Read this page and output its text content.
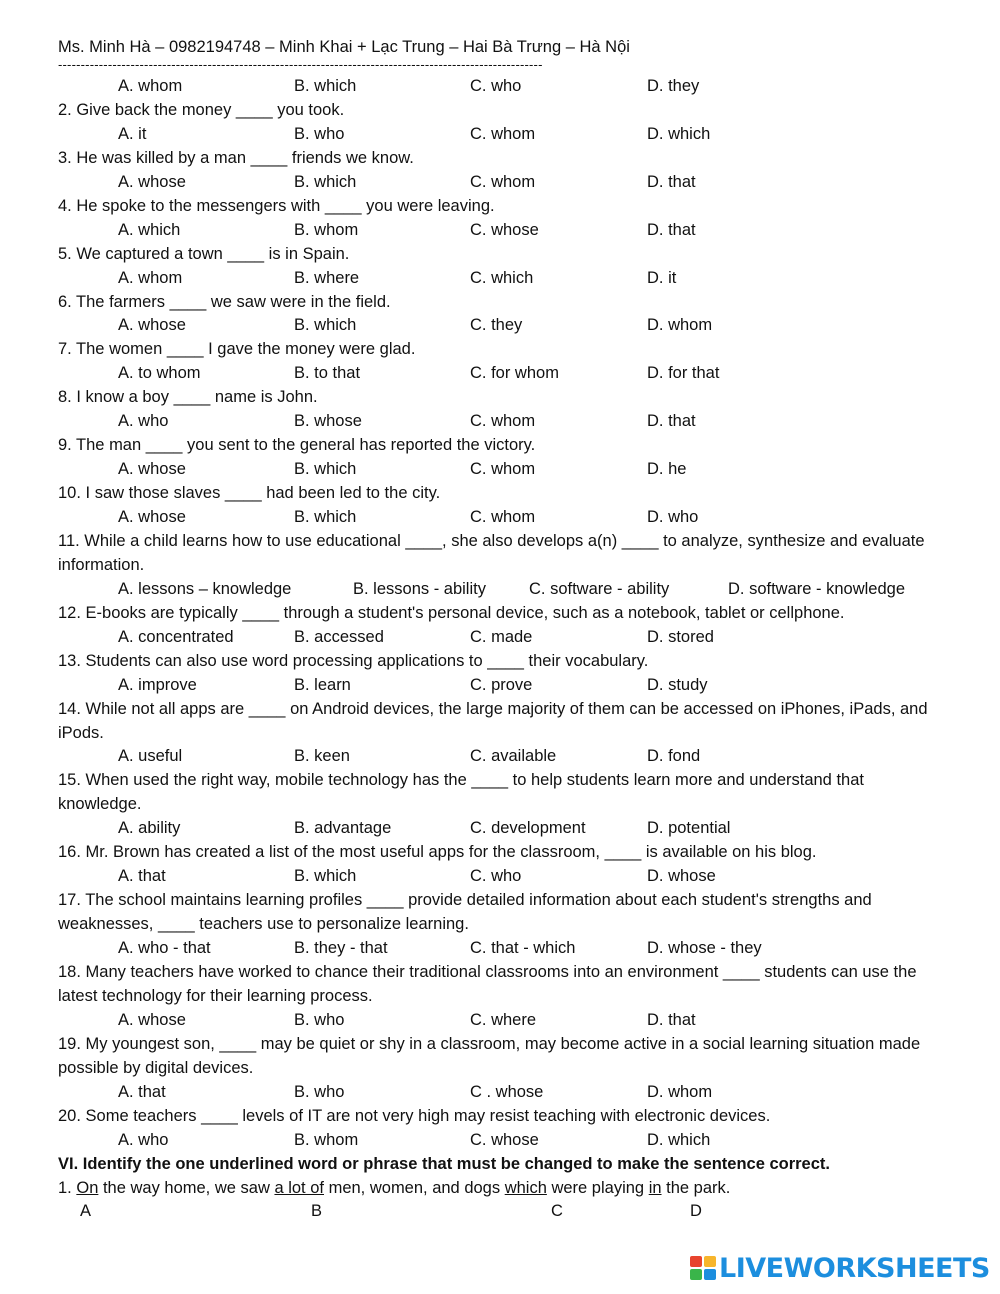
Ms. Minh Hà – 0982194748 – Minh Khai + Lạc Trung – Hai Bà Trưng – Hà Nội
-----------------------------------------------------------------------------------------------------------
A. whom	B. which	C. who	D. they
2. Give back the money ____ you took.
A. it	B. who	C. whom	D. which
3. He was killed by a man ____ friends we know.
A. whose	B. which	C. whom	D. that
4. He spoke to the messengers with ____ you were leaving.
A. which	B. whom	C. whose	D. that
5. We captured a town ____ is in Spain.
A. whom	B. where	C. which	D. it
6. The farmers ____ we saw were in the field.
A. whose	B. which	C. they	D. whom
7. The women ____ I gave the money were glad.
A. to whom	B. to that	C. for whom	D. for that
8. I know a boy ____ name is John.
A. who	B. whose	C. whom	D. that
9. The man ____ you sent to the general has reported the victory.
A. whose	B. which	C. whom	D. he
10. I saw those slaves ____ had been led to the city.
A. whose	B. which	C. whom	D. who
11. While a child learns how to use educational ____, she also develops a(n) ____ to analyze, synthesize and evaluate information.
A. lessons – knowledge	B. lessons - ability	C. software - ability	D. software - knowledge
12. E-books are typically ____ through a student's personal device, such as a notebook, tablet or cellphone.
A. concentrated	B. accessed	C. made	D. stored
13. Students can also use word processing applications to ____ their vocabulary.
A. improve	B. learn	C. prove	D. study
14. While not all apps are ____ on Android devices, the large majority of them can be accessed on iPhones, iPads, and iPods.
A. useful	B. keen	C. available	D. fond
15. When used the right way, mobile technology has the ____ to help students learn more and understand that knowledge.
A. ability	B. advantage	C. development	D. potential
16. Mr. Brown has created a list of the most useful apps for the classroom, ____ is available on his blog.
A. that	B. which	C. who	D. whose
17. The school maintains learning profiles ____ provide detailed information about each student's strengths and weaknesses, ____ teachers use to personalize learning.
A. who - that	B. they - that	C. that - which	D. whose - they
18. Many teachers have worked to chance their traditional classrooms into an environment ____ students can use the latest technology for their learning process.
A. whose	B. who	C. where	D. that
19. My youngest son, ____ may be quiet or shy in a classroom, may become active in a social learning situation made possible by digital devices.
A. that	B. who	C . whose	D. whom
20. Some teachers ____ levels of IT are not very high may resist teaching with electronic devices.
A. who	B. whom	C. whose	D. which
VI. Identify the one underlined word or phrase that must be changed to make the sentence correct.
1. On the way home, we saw a lot of men, women, and dogs which were playing in the park.
A	B	C	D
LIVEWORKSHEETS
